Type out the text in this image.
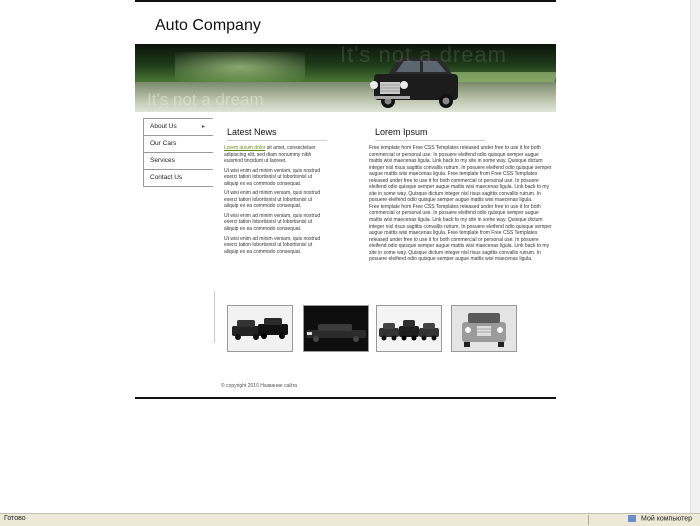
Auto Company
It's not a dream
It's not a dream
About Us	▸
Our Cars
Services
Contact Us
Latest News	Lorem Ipsum

Lorem ipsum dolor sit amet, consectetuer adipiscing elit, sed diam nonummy nibh euismod tincidunt ut laoreet.

Ut wisi enim ad minim veniam, quis nostrud exerci tation lobortisnisl ut lobortisnisl ut aliquip ex ea commodo consequat.

Ut wisi enim ad minim veniam, quis nostrud exerci tation lobortisnisl ut lobortisnisl ut aliquip ex ea commodo consequat.

Ut wisi enim ad minim veniam, quis nostrud exerci tation lobortisnisl ut lobortisnisl ut aliquip ex ea commodo consequat.

Ut wisi enim ad minim veniam, quis nostrud exerci tation lobortisnisl ut lobortisnisl ut aliquip ex ea commodo consequat.

Free template from Free CSS Templates released under free to use it for both commercial or personal use. In posuere eleifend odio quisque semper augue mattis wisi maecenas ligula. Link back to my site in some way. Quisque dictum integer nisl risus sagittis convallis rutrum. In posuere eleifend odio quisque semper augue mattis wisi maecenas ligula. Free template from Free CSS Templates released under free to use it for both commercial or personal use. In posuere eleifend odio quisque semper augue mattis wisi maecenas ligula. Link back to my site in some way. Quisque dictum integer nisl risus sagittis convallis rutrum. In posuere eleifend odio quisque semper augue mattis wisi maecenas ligula.
Free template from Free CSS Templates released under free to use it for both commercial or personal use. In posuere eleifend odio quisque semper augue mattis wisi maecenas ligula. Link back to my site in some way. Quisque dictum integer nisl risus sagittis convallis rutrum. In posuere eleifend odio quisque semper augue mattis wisi maecenas ligula. Free template from Free CSS Templates released under free to use it for both commercial or personal use. In posuere eleifend odio quisque semper augue mattis wisi maecenas ligula. Link back to my site in some way. Quisque dictum integer nisl risus sagittis convallis rutrum. In posuere eleifend odio quisque semper augue mattis wisi maecenas ligula.
© copyright 2010 Название сайта
Готово	Мой компьютер
